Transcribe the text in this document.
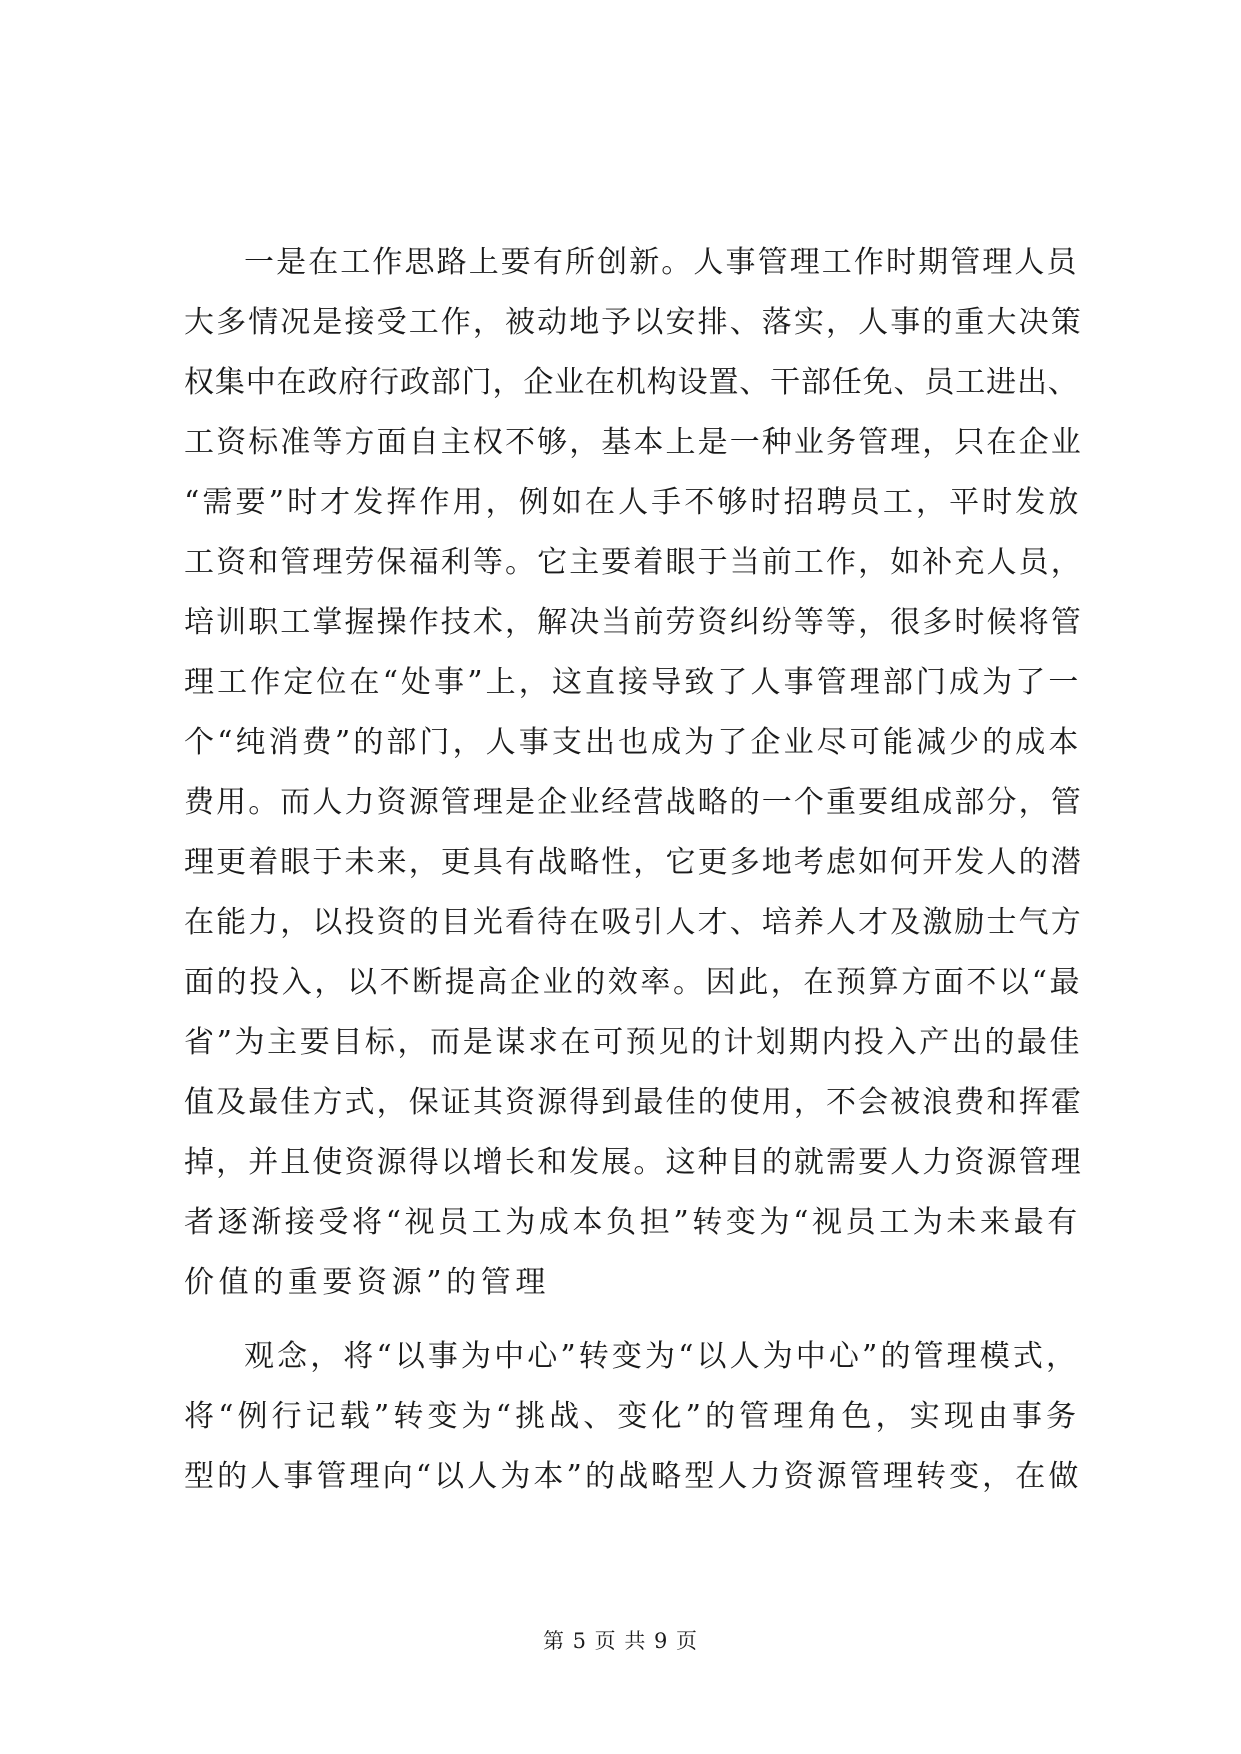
一是在工作思路上要有所创新。人事管理工作时期管理人员
大多情况是接受工作，被动地予以安排、落实，人事的重大决策
权集中在政府行政部门，企业在机构设置、干部任免、员工进出、
工资标准等方面自主权不够，基本上是一种业务管理，只在企业
“需要”时才发挥作用，例如在人手不够时招聘员工，平时发放
工资和管理劳保福利等。它主要着眼于当前工作，如补充人员，
培训职工掌握操作技术，解决当前劳资纠纷等等，很多时候将管
理工作定位在“处事”上，这直接导致了人事管理部门成为了一
个“纯消费”的部门，人事支出也成为了企业尽可能减少的成本
费用。而人力资源管理是企业经营战略的一个重要组成部分，管
理更着眼于未来，更具有战略性，它更多地考虑如何开发人的潜
在能力，以投资的目光看待在吸引人才、培养人才及激励士气方
面的投入，以不断提高企业的效率。因此，在预算方面不以“最
省”为主要目标，而是谋求在可预见的计划期内投入产出的最佳
值及最佳方式，保证其资源得到最佳的使用，不会被浪费和挥霍
掉，并且使资源得以增长和发展。这种目的就需要人力资源管理
者逐渐接受将“视员工为成本负担”转变为“视员工为未来最有
价值的重要资源”的管理
观念，将“以事为中心”转变为“以人为中心”的管理模式，
将“例行记载”转变为“挑战、变化”的管理角色，实现由事务
型的人事管理向“以人为本”的战略型人力资源管理转变，在做
第 5 页 共 9 页
